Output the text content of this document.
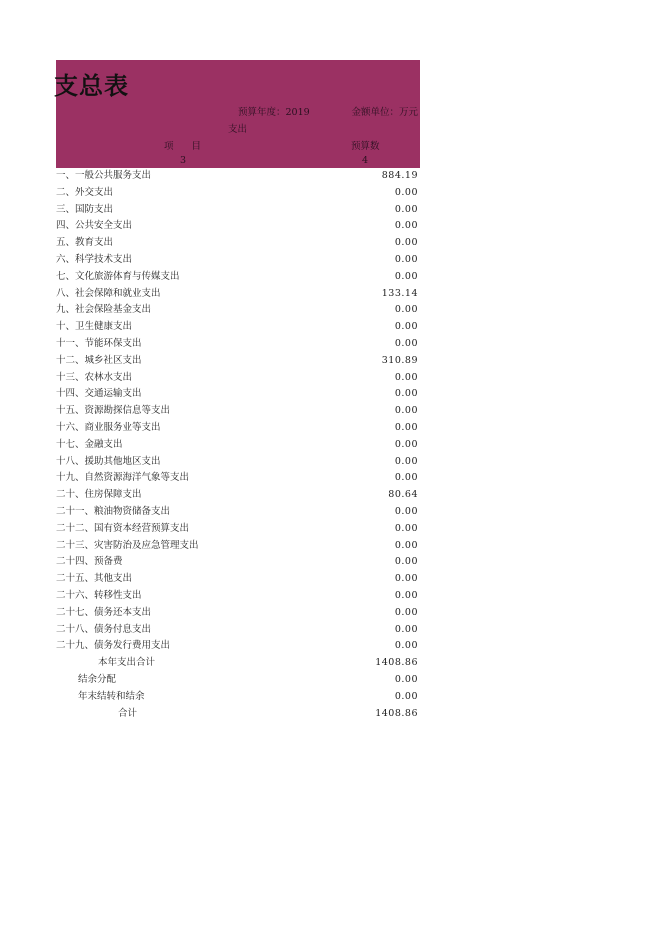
支总表
预算年度：2019	金额单位：万元
支出
项 目	预算数
3	4
一、一般公共服务支出	884.19
二、外交支出	0.00
三、国防支出	0.00
四、公共安全支出	0.00
五、教育支出	0.00
六、科学技术支出	0.00
七、文化旅游体育与传媒支出	0.00
八、社会保障和就业支出	133.14
九、社会保险基金支出	0.00
十、卫生健康支出	0.00
十一、节能环保支出	0.00
十二、城乡社区支出	310.89
十三、农林水支出	0.00
十四、交通运输支出	0.00
十五、资源勘探信息等支出	0.00
十六、商业服务业等支出	0.00
十七、金融支出	0.00
十八、援助其他地区支出	0.00
十九、自然资源海洋气象等支出	0.00
二十、住房保障支出	80.64
二十一、粮油物资储备支出	0.00
二十二、国有资本经营预算支出	0.00
二十三、灾害防治及应急管理支出	0.00
二十四、预备费	0.00
二十五、其他支出	0.00
二十六、转移性支出	0.00
二十七、债务还本支出	0.00
二十八、债务付息支出	0.00
二十九、债务发行费用支出	0.00
本年支出合计	1408.86
结余分配	0.00
年末结转和结余	0.00
合计	1408.86
